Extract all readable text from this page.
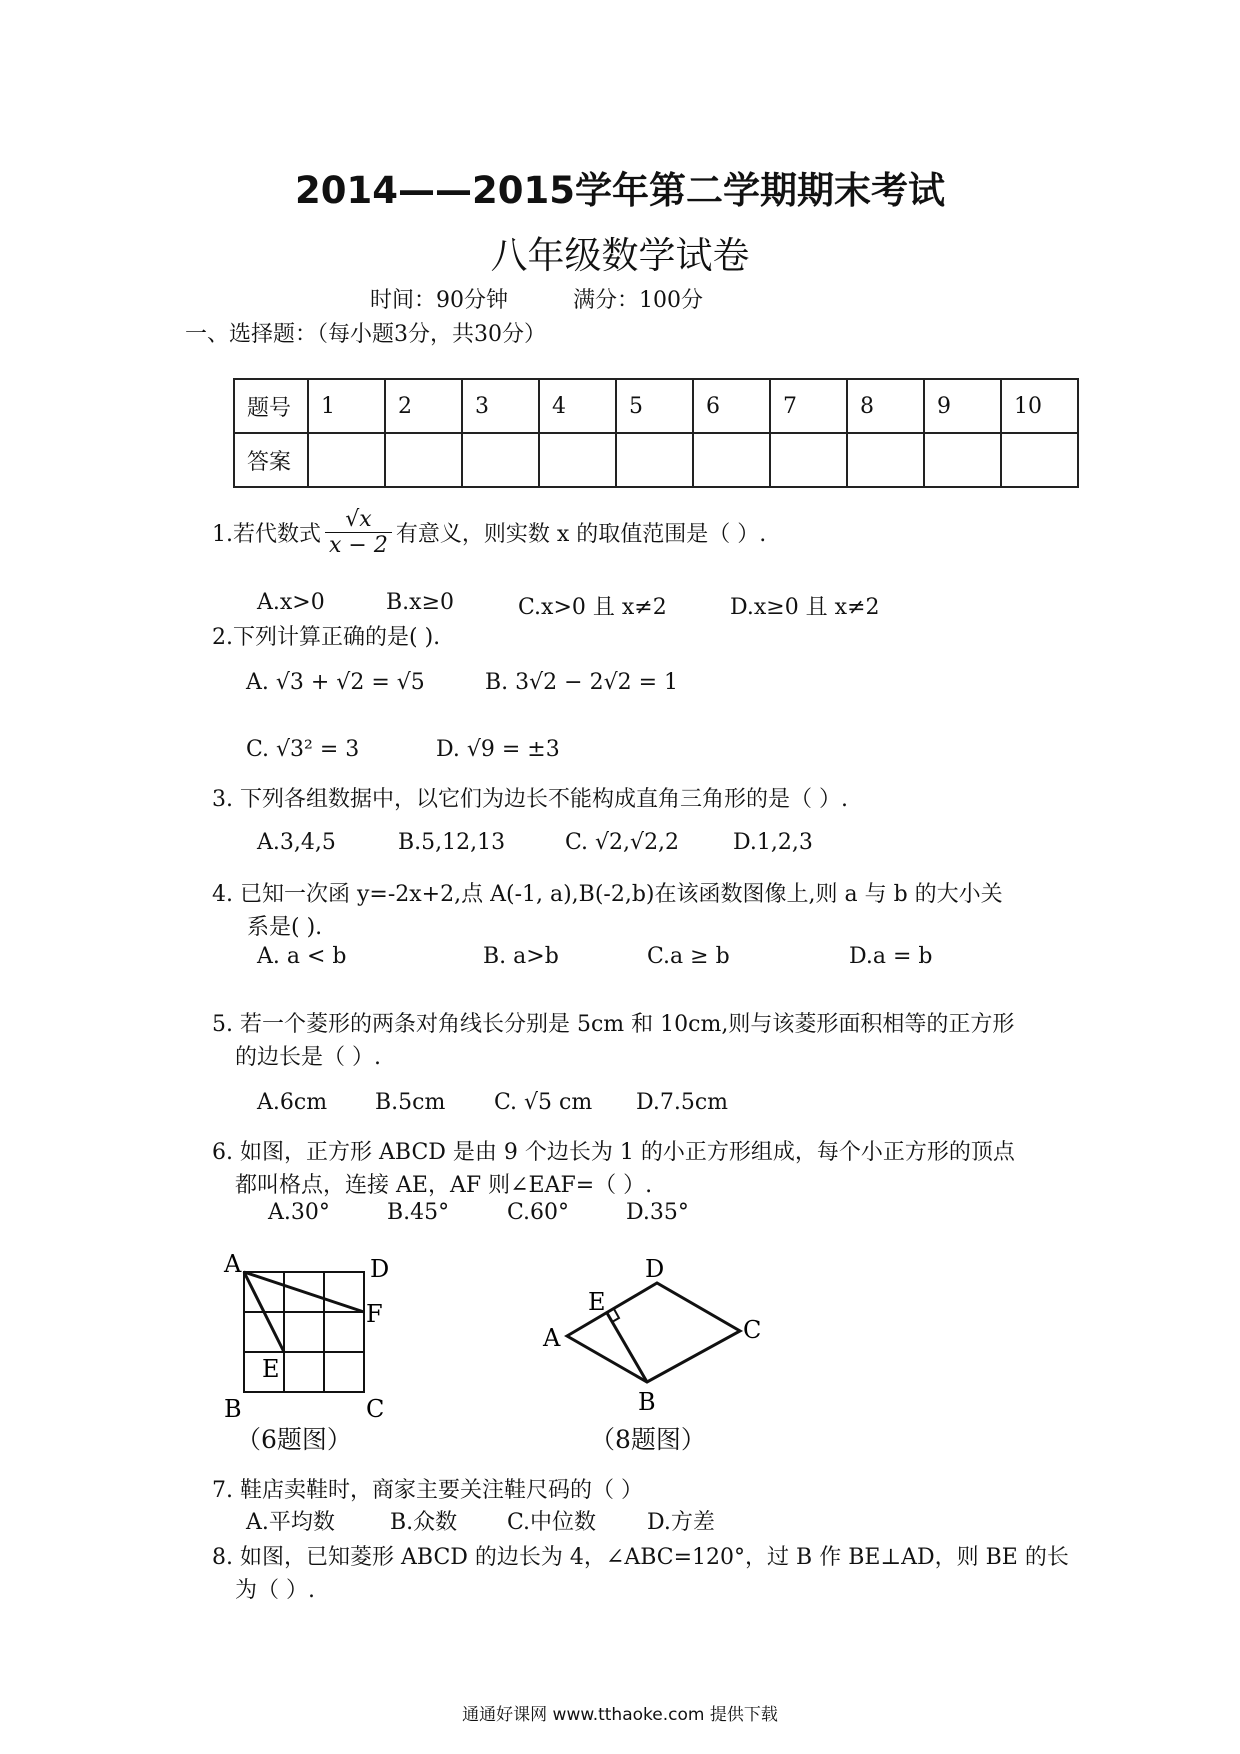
2014——2015学年第二学期期末考试
八年级数学试卷
时间：90分钟	满分：100分
一、选择题：（每小题3分，共30分）
题号	1	2	3	4	5	6	7	8	9	10
答案										
1.若代数式 $\frac{√x}{x - 2}$ 有意义，则实数 x 的取值范围是（ ）.
A.x>0	B.x≥0	C.x>0 且 x≠2	D.x≥0 且 x≠2
2.下列计算正确的是( ).
A. √3 + √2 = √5	B. 3√2 − 2√2 = 1
C. √3² = 3	D. √9 = ±3
3. 下列各组数据中，以它们为边长不能构成直角三角形的是（ ）.
A.3,4,5	B.5,12,13	C. √2,√2,2 D.1,2,3
4. 已知一次函 y=-2x+2,点 A(-1, a),B(-2,b)在该函数图像上,则 a 与 b 的大小关
系是( ).
A. a < b	B. a>b	C.a ≥ b	D.a = b
5. 若一个菱形的两条对角线长分别是 5cm 和 10cm,则与该菱形面积相等的正方形
的边长是（ ）.
A.6cm B.5cm C. √5 cm D.7.5cm
6. 如图，正方形 ABCD 是由 9 个边长为 1 的小正方形组成，每个小正方形的顶点
都叫格点，连接 AE，AF 则∠EAF=（ ）.
A.30°	B.45°	C.60°	D.35°
A	D
F
E
B	C
（6题图）
D
E
A	C
B
（8题图）
7. 鞋店卖鞋时，商家主要关注鞋尺码的（ ）
A.平均数	B.众数 C.中位数 D.方差
8. 如图，已知菱形 ABCD 的边长为 4，∠ABC=120°，过 B 作 BE⊥AD，则 BE 的长
为（ ）.
通通好课网 www.tthaoke.com 提供下载
